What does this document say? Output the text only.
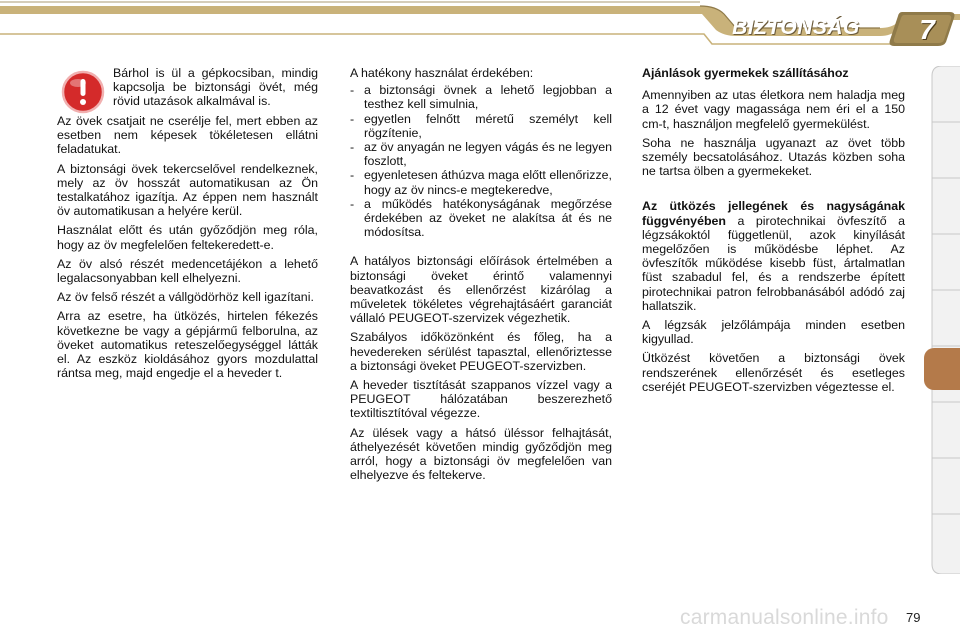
BIZTONSÁG	7

Bárhol is ül a gépkocsiban, mindig kapcsolja be biztonsági övét, még rövid utazások alkalmával is.

Az övek csatjait ne cserélje fel, mert ebben az esetben nem képesek tökéletesen ellátni feladatukat.

A biztonsági övek tekercselővel rendelkeznek, mely az öv hosszát automatikusan az Ön testalkatához igazítja. Az éppen nem használt öv automatikusan a helyére kerül.

Használat előtt és után győződjön meg róla, hogy az öv megfelelően feltekeredett-e.

Az öv alsó részét medencetájékon a lehető legalacsonyabban kell elhelyezni.

Az öv felső részét a vállgödörhöz kell igazítani.

Arra az esetre, ha ütközés, hirtelen fékezés következne be vagy a gépjármű felborulna, az öveket automatikus reteszelőegységgel látták el. Az eszköz kioldásához gyors mozdulattal rántsa meg, majd engedje el a heveder t.

A hatékony használat érdekében:

- a biztonsági övnek a lehető legjobban a testhez kell simulnia,
- egyetlen felnőtt méretű személyt kell rögzítenie,
- az öv anyagán ne legyen vágás és ne legyen foszlott,
- egyenletesen áthúzva maga előtt ellenőrizze, hogy az öv nincs-e megtekeredve,
- a működés hatékonyságának megőrzése érdekében az öveket ne alakítsa át és ne módosítsa.

A hatályos biztonsági előírások értelmében a biztonsági öveket érintő valamennyi beavatkozást és ellenőrzést kizárólag a műveletek tökéletes végrehajtásáért garanciát vállaló PEUGEOT-szervizek végezhetik.

Szabályos időközönként és főleg, ha a hevedereken sérülést tapasztal, ellenőriztesse a biztonsági öveket PEUGEOT-szervizben.

A heveder tisztítását szappanos vízzel vagy a PEUGEOT hálózatában beszerezhető textiltisztítóval végezze.

Az ülések vagy a hátsó üléssor felhajtását, áthelyezését követően mindig győződjön meg arról, hogy a biztonsági öv megfelelően van elhelyezve és feltekerve.

Ajánlások gyermekek szállításához

Amennyiben az utas életkora nem haladja meg a 12 évet vagy magassága nem éri el a 150 cm-t, használjon megfelelő gyermekülést.

Soha ne használja ugyanazt az övet több személy becsatolásához. Utazás közben soha ne tartsa ölben a gyermekeket.

Az ütközés jellegének és nagyságának függvényében a pirotechnikai övfeszítő a légzsákoktól függetlenül, azok kinyílását megelőzően is működésbe léphet. Az övfeszítők működése kisebb füst, ártalmatlan füst szabadul fel, és a rendszerbe épített pirotechnikai patron felrobbanásából adódó zaj hallatszik.

A légzsák jelzőlámpája minden esetben kigyullad.

Ütközést követően a biztonsági övek rendszerének ellenőrzését és esetleges cseréjét PEUGEOT-szervizben végeztesse el.

carmanualsonline.info 79
